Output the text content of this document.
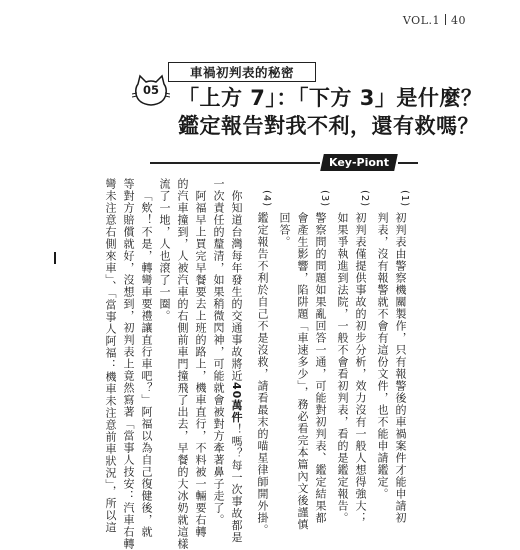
VOL.1 40
車禍初判表的秘密
05 「上方 7」：「下方 3」是什麼？
鑑定報告對我不利，還有救嗎？
Key-Piont
(1)
初判表由警察機關製作，只有報警後的車禍案件才能申請初
判表，沒有報警就不會有這份文件，也不能申請鑑定。
(2)
初判表僅提供事故的初步分析，效力沒有一般人想得強大；
如果爭執進到法院，一般不會看初判表，看的是鑑定報告。
(3)
警察問的問題如果亂回答一通，可能對初判表、鑑定結果都
會產生影響，陷阱題「車速多少」，務必看完本篇內文後謹慎
回答。
(4)
鑑定報告不利於自己不是沒救，請看最末的喵星律師開外掛。
你知道台灣每年發生的交通事故將近40萬件！嗎？每一次事故都是
一次責任的釐清，如果稍微閃神，可能就會被對方牽著鼻子走了。
阿福早上買完早餐要去上班的路上，機車直行，不料被一輛要右轉
的汽車撞到，人被汽車的右側前車門撞飛了出去，早餐的大冰奶就這樣
流了一地，人也滾了一圈。
「欸！不是，轉彎車要禮讓直行車吧？」阿福以為自己復健後，就
等對方賠償就好，沒想到，初判表上竟然寫著「當事人技安：汽車右轉
彎未注意右側來車」、「當事人阿福：機車未注意前車狀況」，所以這
